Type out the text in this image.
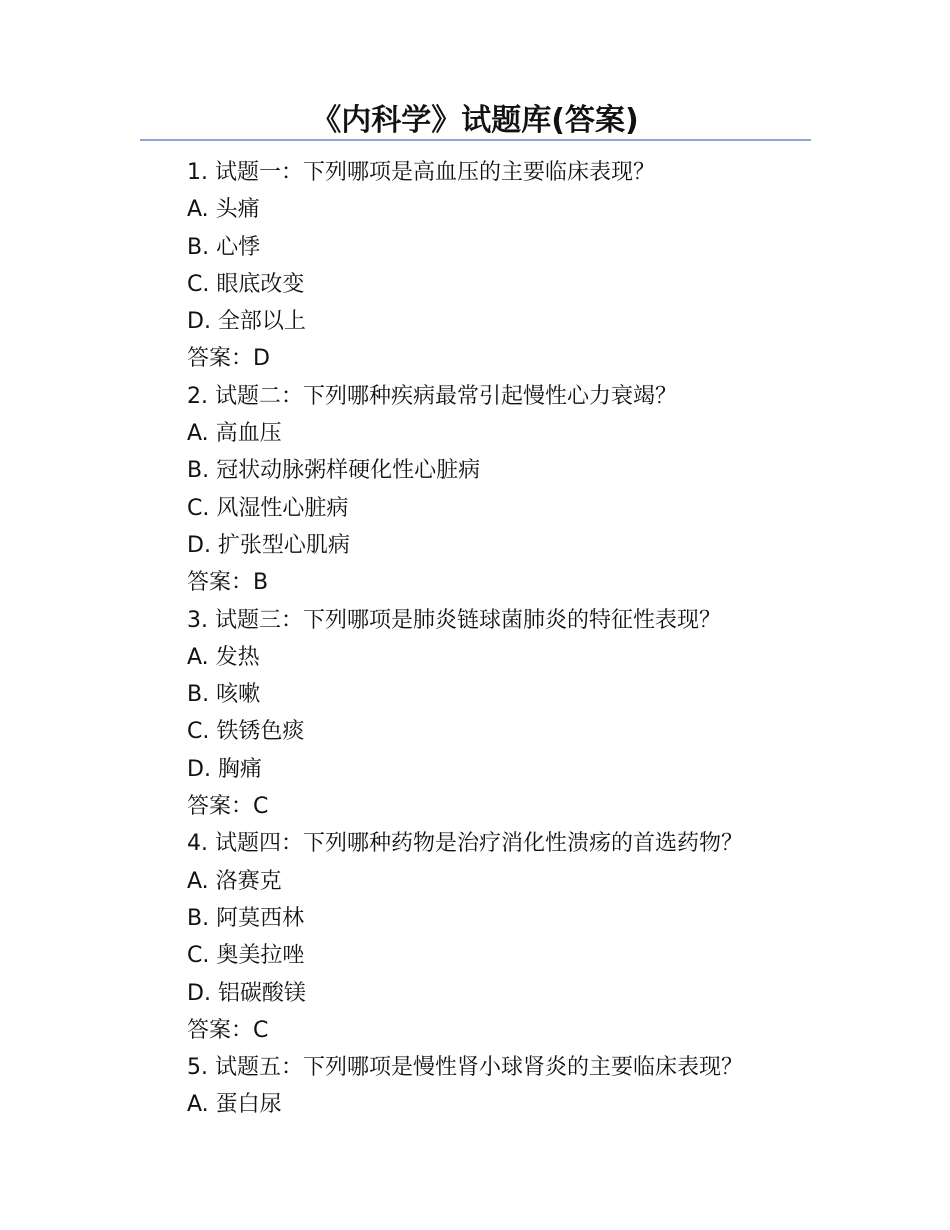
《内科学》试题库(答案)
1. 试题一：下列哪项是高血压的主要临床表现？
A. 头痛
B. 心悸
C. 眼底改变
D. 全部以上
答案：D
2. 试题二：下列哪种疾病最常引起慢性心力衰竭？
A. 高血压
B. 冠状动脉粥样硬化性心脏病
C. 风湿性心脏病
D. 扩张型心肌病
答案：B
3. 试题三：下列哪项是肺炎链球菌肺炎的特征性表现？
A. 发热
B. 咳嗽
C. 铁锈色痰
D. 胸痛
答案：C
4. 试题四：下列哪种药物是治疗消化性溃疡的首选药物？
A. 洛赛克
B. 阿莫西林
C. 奥美拉唑
D. 铝碳酸镁
答案：C
5. 试题五：下列哪项是慢性肾小球肾炎的主要临床表现？
A. 蛋白尿
